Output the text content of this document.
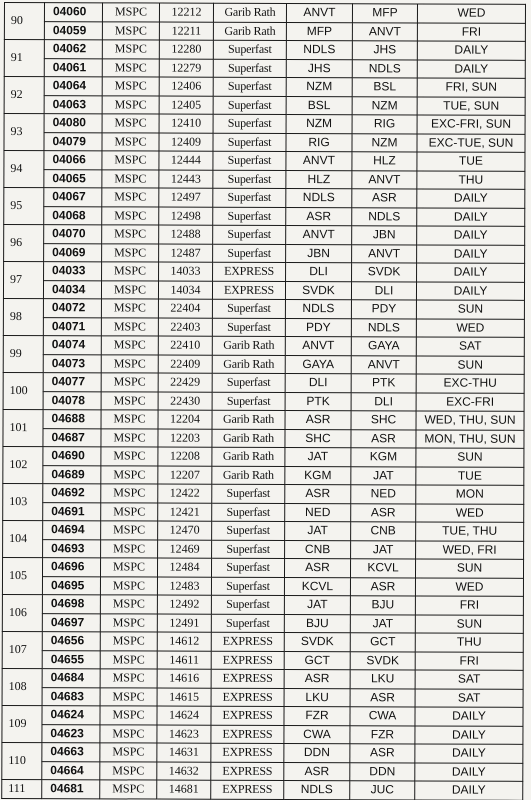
90	04060	MSPC	12212	Garib Rath	ANVT	MFP	WED
	04059	MSPC	12211	Garib Rath	MFP	ANVT	FRI
91	04062	MSPC	12280	Superfast	NDLS	JHS	DAILY
	04061	MSPC	12279	Superfast	JHS	NDLS	DAILY
92	04064	MSPC	12406	Superfast	NZM	BSL	FRI, SUN
	04063	MSPC	12405	Superfast	BSL	NZM	TUE, SUN
93	04080	MSPC	12410	Superfast	NZM	RIG	EXC-FRI, SUN
	04079	MSPC	12409	Superfast	RIG	NZM	EXC-TUE, SUN
94	04066	MSPC	12444	Superfast	ANVT	HLZ	TUE
	04065	MSPC	12443	Superfast	HLZ	ANVT	THU
95	04067	MSPC	12497	Superfast	NDLS	ASR	DAILY
	04068	MSPC	12498	Superfast	ASR	NDLS	DAILY
96	04070	MSPC	12488	Superfast	ANVT	JBN	DAILY
	04069	MSPC	12487	Superfast	JBN	ANVT	DAILY
97	04033	MSPC	14033	EXPRESS	DLI	SVDK	DAILY
	04034	MSPC	14034	EXPRESS	SVDK	DLI	DAILY
98	04072	MSPC	22404	Superfast	NDLS	PDY	SUN
	04071	MSPC	22403	Superfast	PDY	NDLS	WED
99	04074	MSPC	22410	Garib Rath	ANVT	GAYA	SAT
	04073	MSPC	22409	Garib Rath	GAYA	ANVT	SUN
100	04077	MSPC	22429	Superfast	DLI	PTK	EXC-THU
	04078	MSPC	22430	Superfast	PTK	DLI	EXC-FRI
101	04688	MSPC	12204	Garib Rath	ASR	SHC	WED, THU, SUN
	04687	MSPC	12203	Garib Rath	SHC	ASR	MON, THU, SUN
102	04690	MSPC	12208	Garib Rath	JAT	KGM	SUN
	04689	MSPC	12207	Garib Rath	KGM	JAT	TUE
103	04692	MSPC	12422	Superfast	ASR	NED	MON
	04691	MSPC	12421	Superfast	NED	ASR	WED
104	04694	MSPC	12470	Superfast	JAT	CNB	TUE, THU
	04693	MSPC	12469	Superfast	CNB	JAT	WED, FRI
105	04696	MSPC	12484	Superfast	ASR	KCVL	SUN
	04695	MSPC	12483	Superfast	KCVL	ASR	WED
106	04698	MSPC	12492	Superfast	JAT	BJU	FRI
	04697	MSPC	12491	Superfast	BJU	JAT	SUN
107	04656	MSPC	14612	EXPRESS	SVDK	GCT	THU
	04655	MSPC	14611	EXPRESS	GCT	SVDK	FRI
108	04684	MSPC	14616	EXPRESS	ASR	LKU	SAT
	04683	MSPC	14615	EXPRESS	LKU	ASR	SAT
109	04624	MSPC	14624	EXPRESS	FZR	CWA	DAILY
	04623	MSPC	14623	EXPRESS	CWA	FZR	DAILY
110	04663	MSPC	14631	EXPRESS	DDN	ASR	DAILY
	04664	MSPC	14632	EXPRESS	ASR	DDN	DAILY
111	04681	MSPC	14681	EXPRESS	NDLS	JUC	DAILY
